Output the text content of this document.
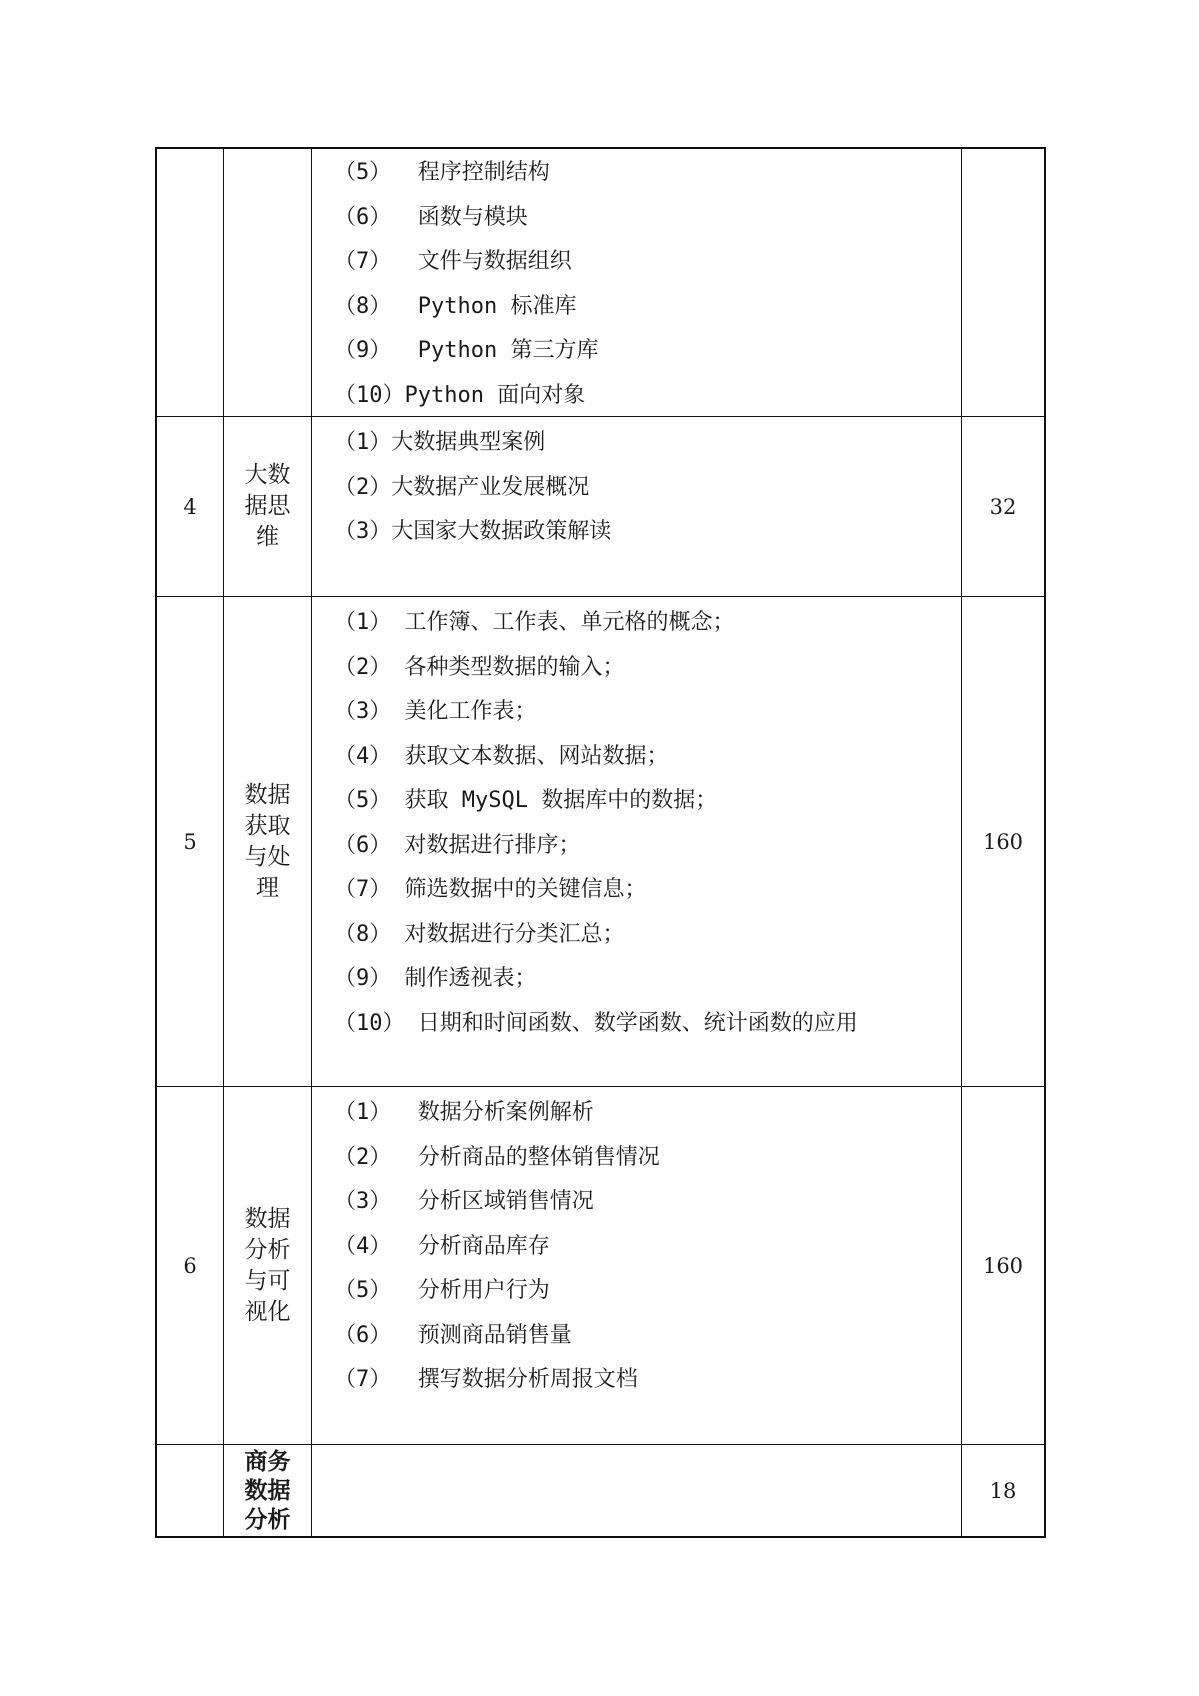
（5）  程序控制结构
（6）  函数与模块
（7）  文件与数据组织
（8）  Python 标准库
（9）  Python 第三方库
（10）Python 面向对象
4
大数据思维
（1）大数据典型案例
（2）大数据产业发展概况
（3）大国家大数据政策解读
32
5
数据获取与处理
（1） 工作簿、工作表、单元格的概念；
（2） 各种类型数据的输入；
（3） 美化工作表；
（4） 获取文本数据、网站数据；
（5） 获取 MySQL 数据库中的数据；
（6） 对数据进行排序；
（7） 筛选数据中的关键信息；
（8） 对数据进行分类汇总；
（9） 制作透视表；
（10） 日期和时间函数、数学函数、统计函数的应用
160
6
数据分析与可视化
（1）  数据分析案例解析
（2）  分析商品的整体销售情况
（3）  分析区域销售情况
（4）  分析商品库存
（5）  分析用户行为
（6）  预测商品销售量
（7）  撰写数据分析周报文档
160
商务数据分析
18
